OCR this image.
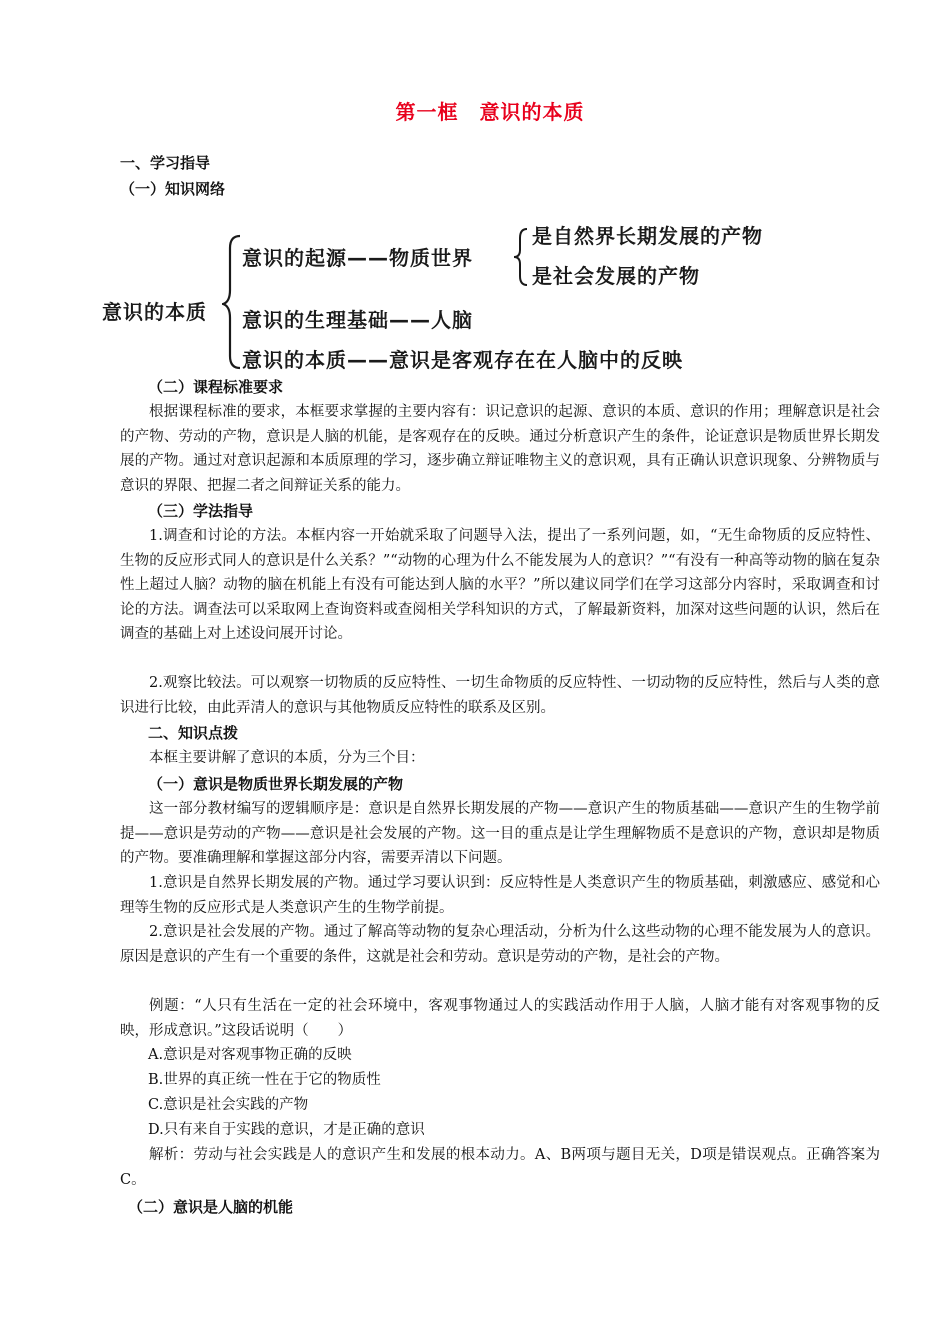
第一框　意识的本质
一、学习指导
（一）知识网络
意识的本质
意识的起源——物质世界
是自然界长期发展的产物
是社会发展的产物
意识的生理基础——人脑
意识的本质——意识是客观存在在人脑中的反映
（二）课程标准要求
根据课程标准的要求，本框要求掌握的主要内容有：识记意识的起源、意识的本质、意识的作用；理解意识是社会的产物、劳动的产物，意识是人脑的机能，是客观存在的反映。通过分析意识产生的条件，论证意识是物质世界长期发展的产物。通过对意识起源和本质原理的学习，逐步确立辩证唯物主义的意识观，具有正确认识意识现象、分辨物质与意识的界限、把握二者之间辩证关系的能力。
（三）学法指导
1.调查和讨论的方法。本框内容一开始就采取了问题导入法，提出了一系列问题，如，“无生命物质的反应特性、生物的反应形式同人的意识是什么关系？”“动物的心理为什么不能发展为人的意识？”“有没有一种高等动物的脑在复杂性上超过人脑？动物的脑在机能上有没有可能达到人脑的水平？”所以建议同学们在学习这部分内容时，采取调查和讨论的方法。调查法可以采取网上查询资料或查阅相关学科知识的方式，了解最新资料，加深对这些问题的认识，然后在调查的基础上对上述设问展开讨论。
2.观察比较法。可以观察一切物质的反应特性、一切生命物质的反应特性、一切动物的反应特性，然后与人类的意识进行比较，由此弄清人的意识与其他物质反应特性的联系及区别。
二、知识点拨
本框主要讲解了意识的本质，分为三个目：
（一）意识是物质世界长期发展的产物
这一部分教材编写的逻辑顺序是：意识是自然界长期发展的产物——意识产生的物质基础——意识产生的生物学前提——意识是劳动的产物——意识是社会发展的产物。这一目的重点是让学生理解物质不是意识的产物，意识却是物质的产物。要准确理解和掌握这部分内容，需要弄清以下问题。
1.意识是自然界长期发展的产物。通过学习要认识到：反应特性是人类意识产生的物质基础，刺激感应、感觉和心理等生物的反应形式是人类意识产生的生物学前提。
2.意识是社会发展的产物。通过了解高等动物的复杂心理活动，分析为什么这些动物的心理不能发展为人的意识。原因是意识的产生有一个重要的条件，这就是社会和劳动。意识是劳动的产物，是社会的产物。
例题：“人只有生活在一定的社会环境中，客观事物通过人的实践活动作用于人脑，人脑才能有对客观事物的反映，形成意识。”这段话说明（　　）
A.意识是对客观事物正确的反映
B.世界的真正统一性在于它的物质性
C.意识是社会实践的产物
D.只有来自于实践的意识，才是正确的意识
解析：劳动与社会实践是人的意识产生和发展的根本动力。A、B两项与题目无关，D项是错误观点。正确答案为C。
（二）意识是人脑的机能
